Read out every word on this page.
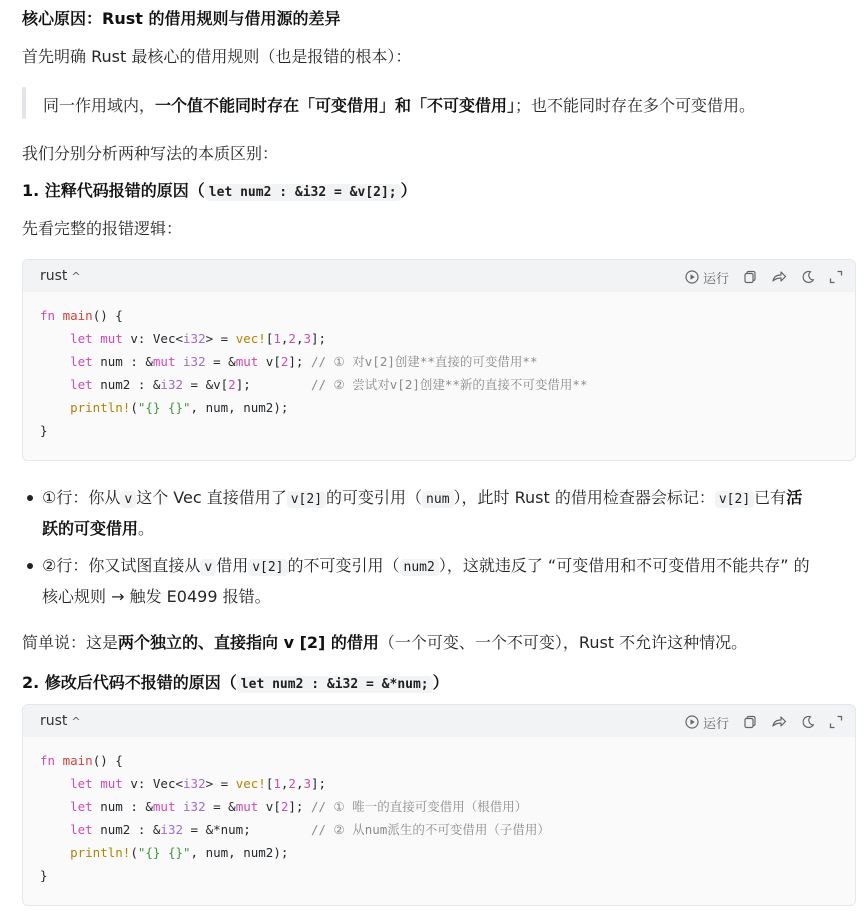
核心原因：Rust 的借用规则与借用源的差异
首先明确 Rust 最核心的借用规则（也是报错的根本）：
同一作用域内，一个值不能同时存在「可变借用」和「不可变借用」；也不能同时存在多个可变借用。
我们分别分析两种写法的本质区别：
1. 注释代码报错的原因（ let num2 : &i32 = &v[2]; ）
先看完整的报错逻辑：
rust ^	运行
fn main() {
let mut v: Vec<i32> = vec![1,2,3];
let num : &mut i32 = &mut v[2]; // ① 对v[2]创建**直接的可变借用**
let num2 : &i32 = &v[2];        // ② 尝试对v[2]创建**新的直接不可变借用**
println!("{} {}", num, num2);
}
①行：你从 v 这个 Vec 直接借用了 v[2] 的可变引用（ num ），此时 Rust 的借用检查器会标记： v[2] 已有活
跃的可变借用。
②行：你又试图直接从 v 借用 v[2] 的不可变引用（ num2 ），这就违反了 “可变借用和不可变借用不能共存” 的
核心规则 → 触发 E0499 报错。
简单说：这是两个独立的、直接指向 v [2] 的借用（一个可变、一个不可变），Rust 不允许这种情况。
2. 修改后代码不报错的原因（ let num2 : &i32 = &*num; ）
rust ^	运行
fn main() {
let mut v: Vec<i32> = vec![1,2,3];
let num : &mut i32 = &mut v[2]; // ① 唯一的直接可变借用（根借用）
let num2 : &i32 = &*num;        // ② 从num派生的不可变借用（子借用）
println!("{} {}", num, num2);
}
